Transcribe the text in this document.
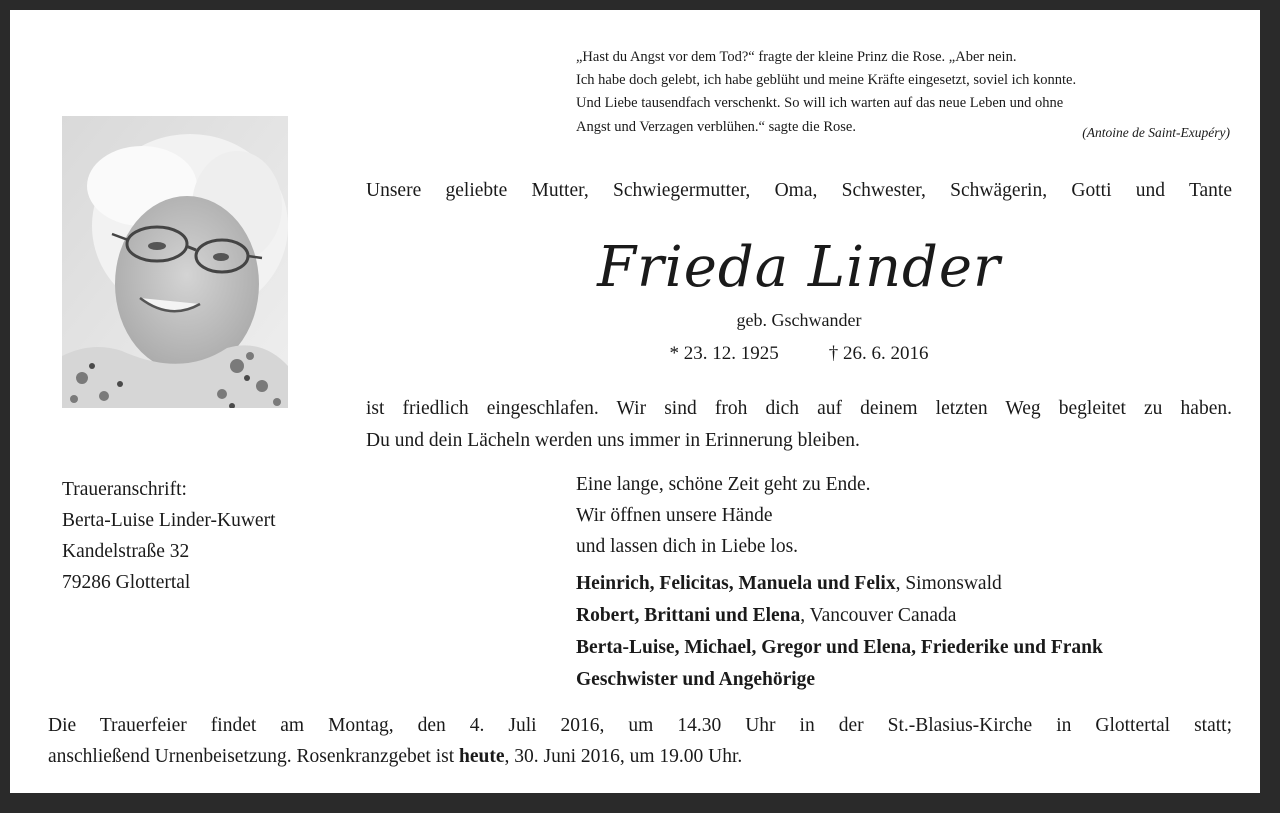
„Hast du Angst vor dem Tod?“ fragte der kleine Prinz die Rose. „Aber nein.
Ich habe doch gelebt, ich habe geblüht und meine Kräfte eingesetzt, soviel ich konnte.
Und Liebe tausendfach verschenkt. So will ich warten auf das neue Leben und ohne
Angst und Verzagen verblühen.“ sagte die Rose.	(Antoine de Saint-Exupéry)
Unsere geliebte Mutter, Schwiegermutter, Oma, Schwester, Schwägerin, Gotti und Tante
Frieda Linder
geb. Gschwander
* 23. 12. 1925	† 26. 6. 2016
ist friedlich eingeschlafen. Wir sind froh dich auf deinem letzten Weg begleitet zu haben.
Du und dein Lächeln werden uns immer in Erinnerung bleiben.
Traueranschrift:
Berta-Luise Linder-Kuwert
Kandelstraße 32
79286 Glottertal
Eine lange, schöne Zeit geht zu Ende.
Wir öffnen unsere Hände
und lassen dich in Liebe los.
Heinrich, Felicitas, Manuela und Felix, Simonswald
Robert, Brittani und Elena, Vancouver Canada
Berta-Luise, Michael, Gregor und Elena, Friederike und Frank
Geschwister und Angehörige
Die Trauerfeier findet am Montag, den 4. Juli 2016, um 14.30 Uhr in der St.-Blasius-Kirche in Glottertal statt;
anschließend Urnenbeisetzung. Rosenkranzgebet ist heute, 30. Juni 2016, um 19.00 Uhr.
